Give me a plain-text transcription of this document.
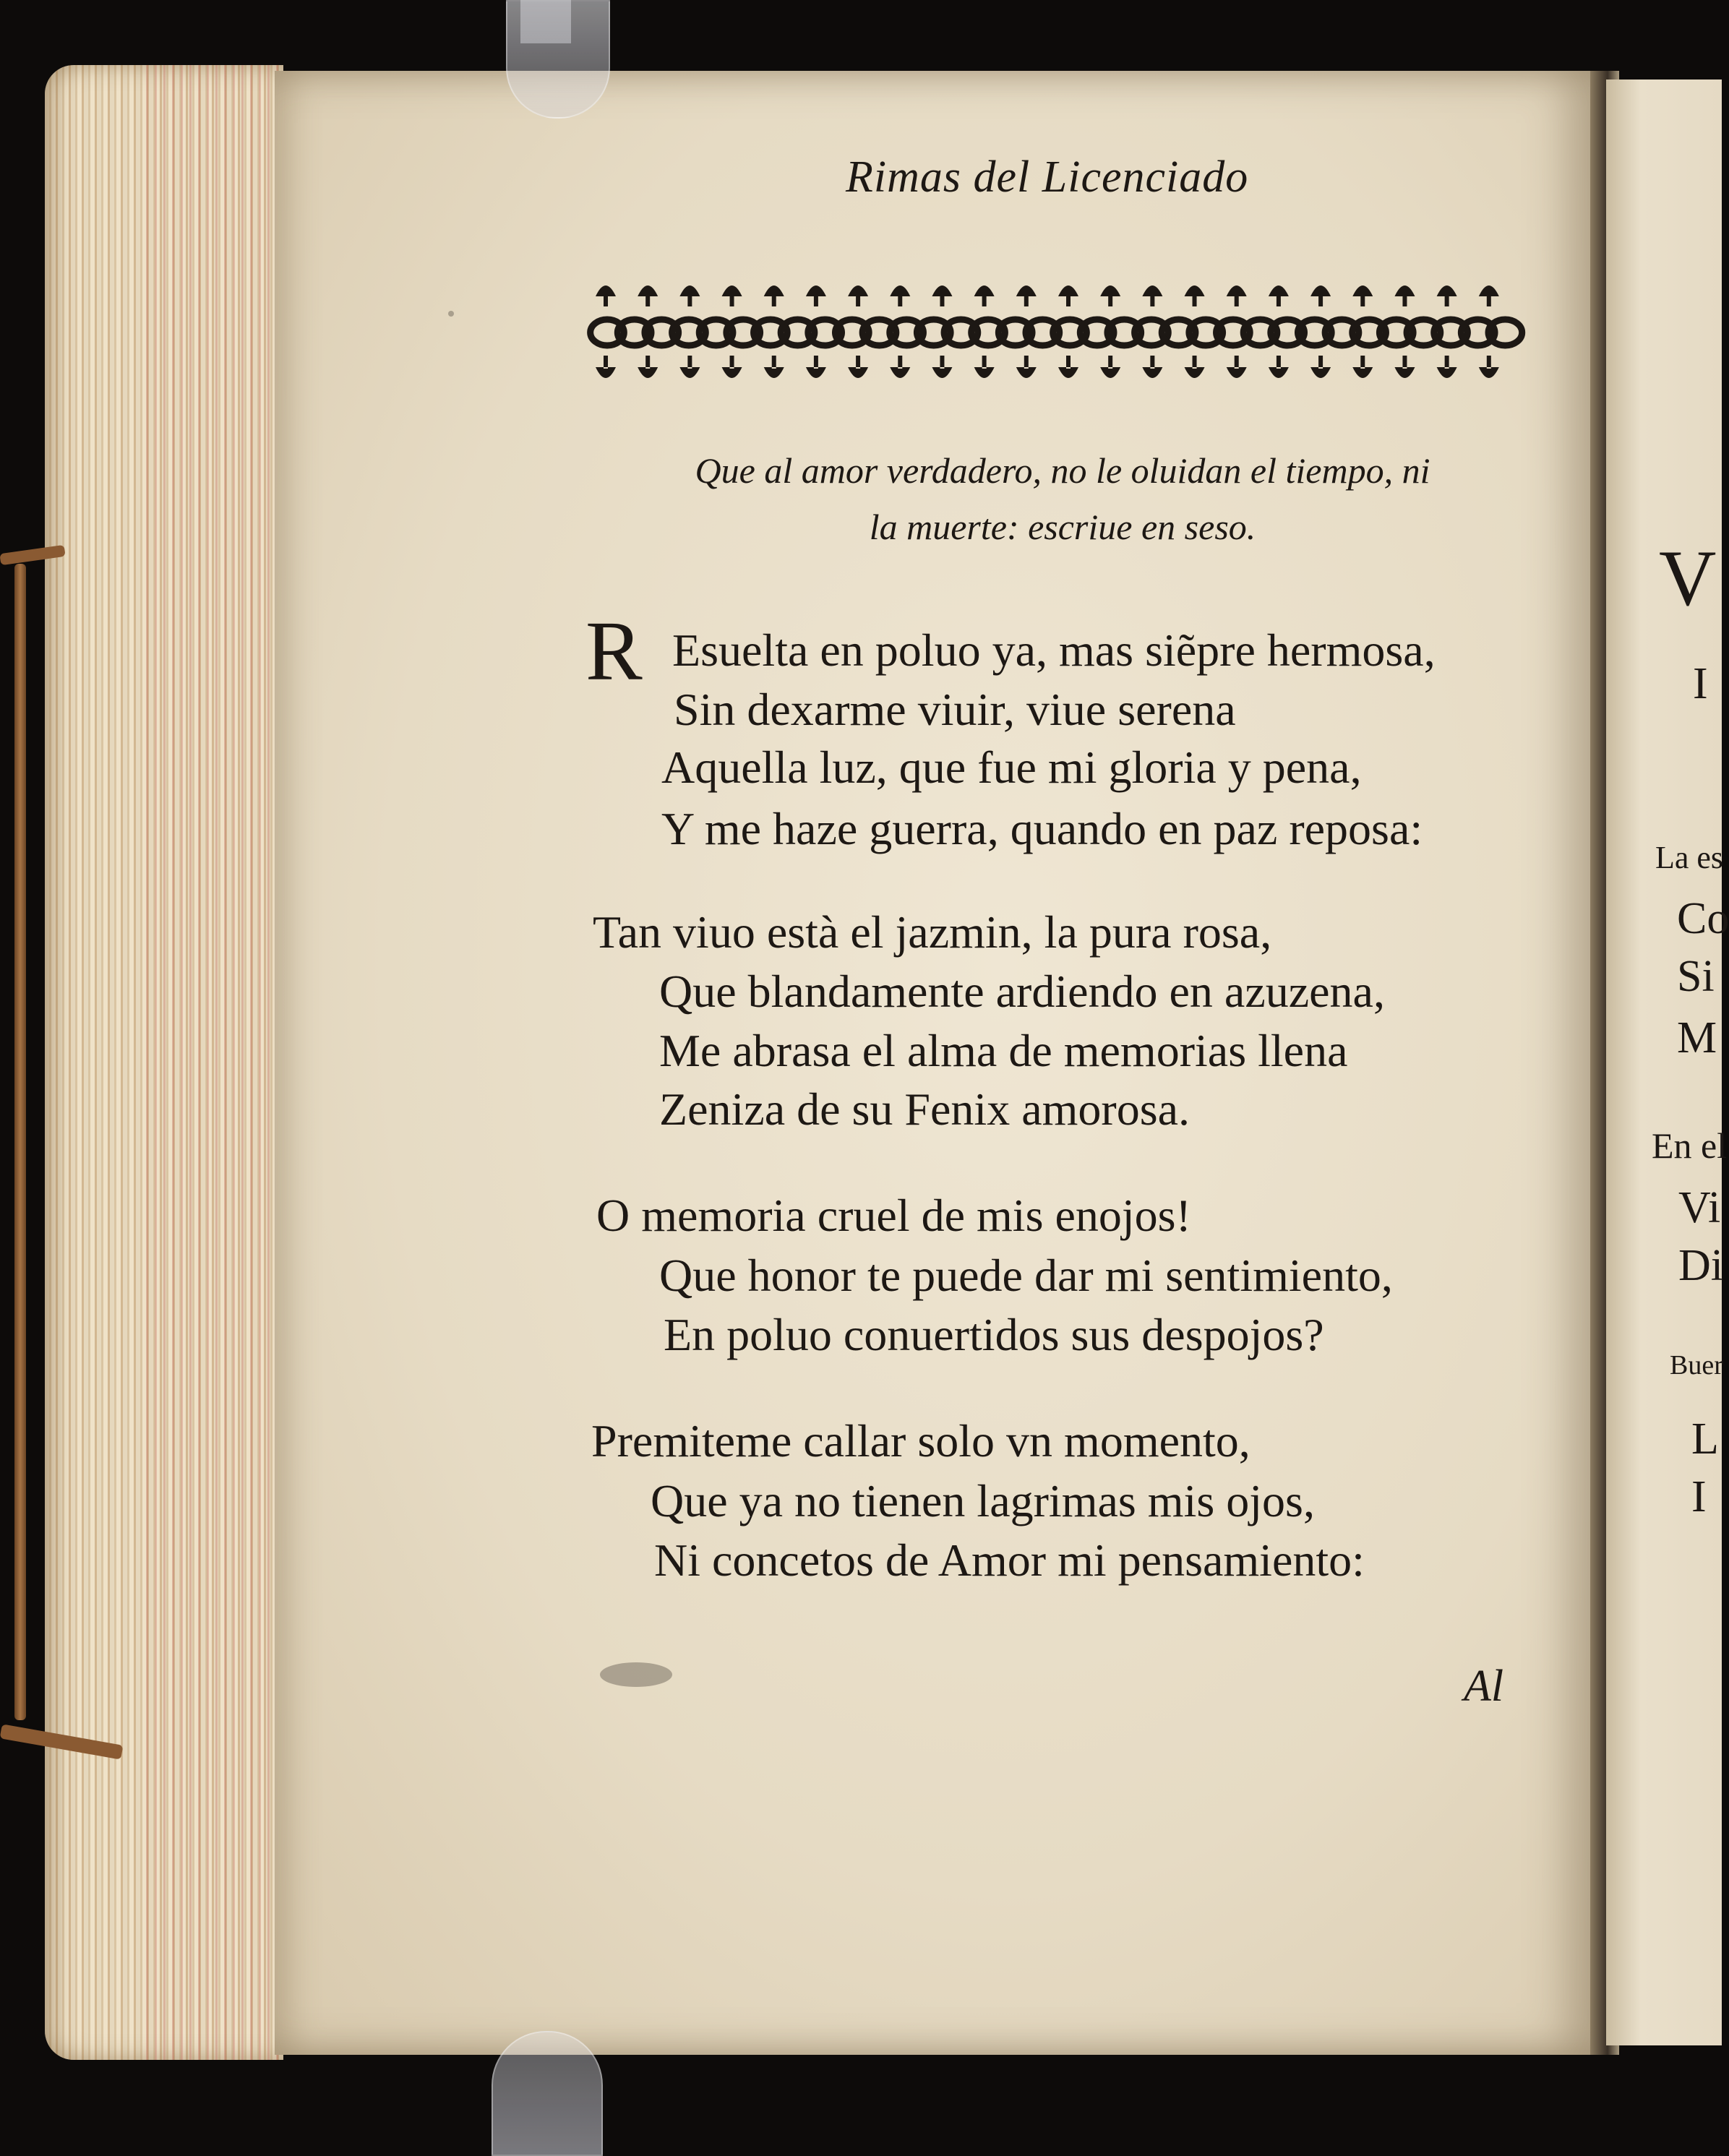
Rimas del Licenciado
Que al amor verdadero, no le oluidan el tiempo, ni
la muerte: escriue en seso.
R Esuelta en poluo ya, mas siẽpre hermosa,
Sin dexarme viuir, viue serena
Aquella luz, que fue mi gloria y pena,
Y me haze guerra, quando en paz reposa:
Tan viuo està el jazmin, la pura rosa,
Que blandamente ardiendo en azuzena,
Me abrasa el alma de memorias llena
Zeniza de su Fenix amorosa.
O memoria cruel de mis enojos!
Que honor te puede dar mi sentimiento,
En poluo conuertidos sus despojos?
Premiteme callar solo vn momento,
Que ya no tienen lagrimas mis ojos,
Ni concetos de Amor mi pensamiento:
Al
V
I
La es
Co
Si
M
En el
Vi
Di
Buer
L
I
